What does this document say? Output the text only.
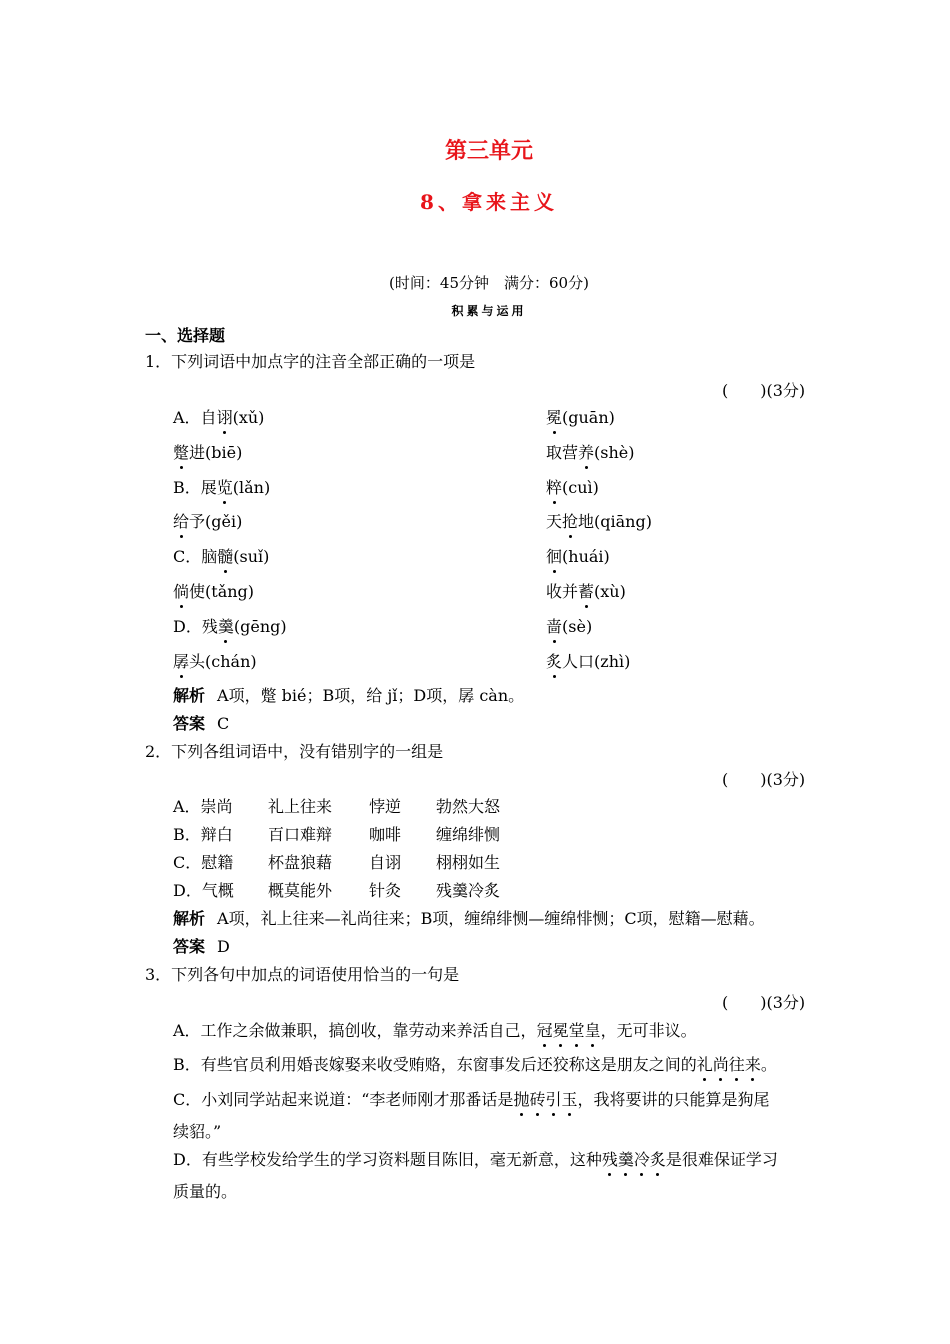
第三单元
8、拿来主义
(时间：45分钟　满分：60分)
积累与运用
一、选择题
1．下列词语中加点字的注音全部正确的一项是
(　　)(3分)
A．自诩(xǔ)	冕(guān)
蹩进(biē)	取营养(shè)
B．展览(lǎn)	粹(cuì)
给予(gěi)	天抢地(qiāng)
C．脑髓(suǐ)	徊(huái)
倘使(tǎng)	收并蓄(xù)
D．残羹(gēng)	啬(sè)
孱头(chán)	炙人口(zhì)
解析 A项，蹩 bié；B项，给 jǐ；D项，孱 càn。
答案 C
2．下列各组词语中，没有错别字的一组是
(　　)(3分)
A．崇尚 礼上往来 悖逆 勃然大怒
B．辩白 百口难辩 咖啡 缠绵绯恻
C．慰籍 杯盘狼藉 自诩 栩栩如生
D．气概 概莫能外 针灸 残羹冷炙
解析 A项，礼上往来—礼尚往来；B项，缠绵绯恻—缠绵悱恻；C项，慰籍—慰藉。
答案 D
3．下列各句中加点的词语使用恰当的一句是
(　　)(3分)
A．工作之余做兼职，搞创收，靠劳动来养活自己，冠冕堂皇，无可非议。
B．有些官员利用婚丧嫁娶来收受贿赂，东窗事发后还狡称这是朋友之间的礼尚往来。
C．小刘同学站起来说道：“李老师刚才那番话是抛砖引玉，我将要讲的只能算是狗尾
续貂。”
D．有些学校发给学生的学习资料题目陈旧，毫无新意，这种残羹冷炙是很难保证学习
质量的。
